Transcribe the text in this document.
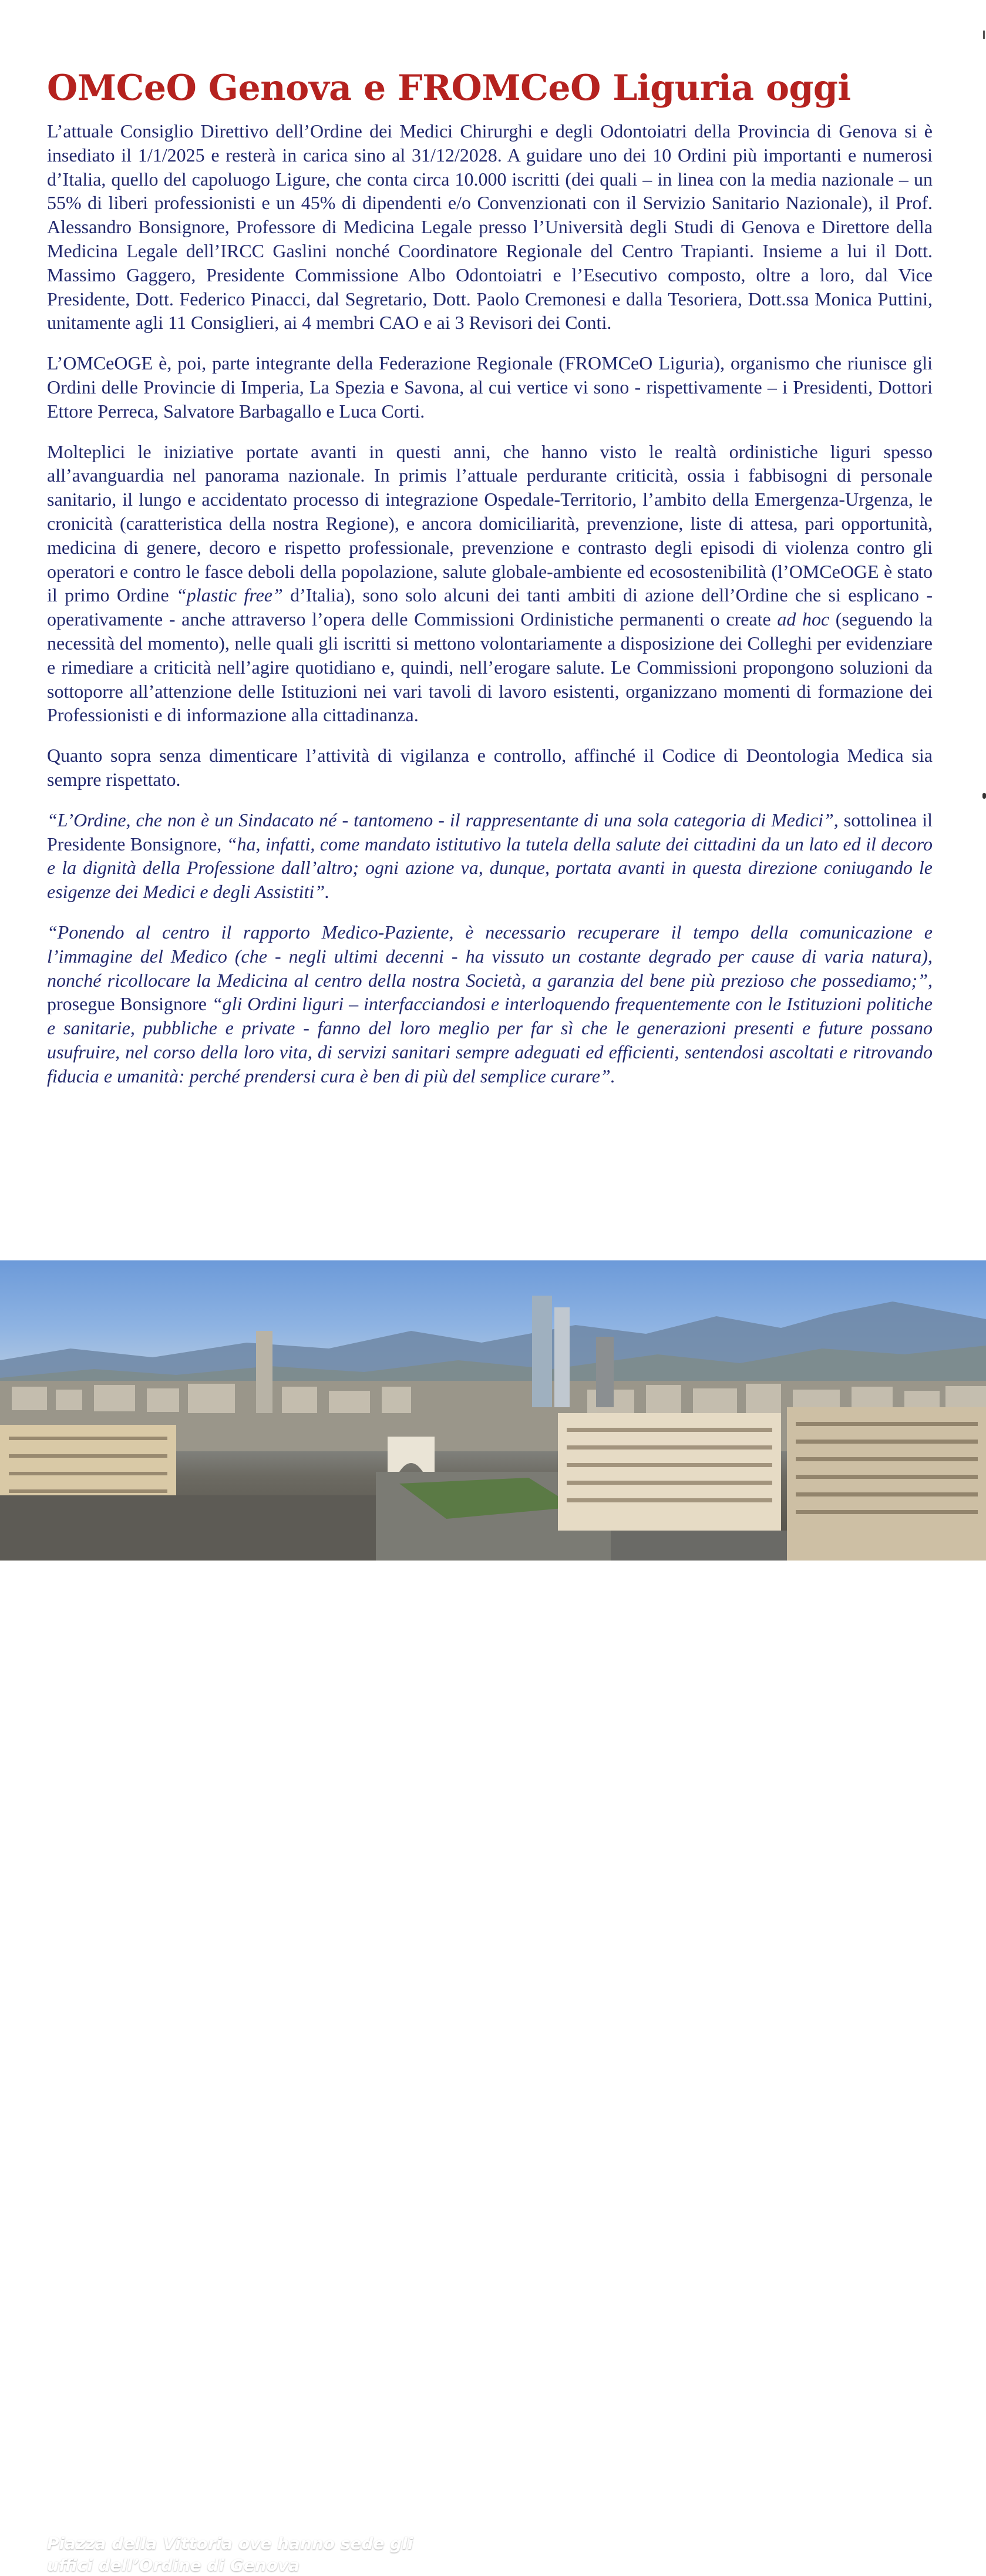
OMCeO Genova e FROMCeO Liguria oggi

L’attuale Consiglio Direttivo dell’Ordine dei Medici Chirurghi e degli Odontoiatri della Provincia di Genova si è insediato il 1/1/2025 e resterà in carica sino al 31/12/2028. A guidare uno dei 10 Ordini più importanti e numerosi d’Italia, quello del capoluogo Ligure, che conta circa 10.000 iscritti (dei quali – in linea con la media nazionale – un 55% di liberi professionisti e un 45% di dipendenti e/o Convenzionati con il Servizio Sanitario Nazionale), il Prof. Alessandro Bonsignore, Professore di Medicina Legale presso l’Università degli Studi di Genova e Direttore della Medicina Legale dell’IRCC Gaslini nonché Coordinatore Regionale del Centro Trapianti. Insieme a lui il Dott. Massimo Gaggero, Presidente Commissione Albo Odontoiatri e l’Esecutivo composto, oltre a loro, dal Vice Presidente, Dott. Federico Pinacci, dal Segretario, Dott. Paolo Cremonesi e dalla Tesoriera, Dott.ssa Monica Puttini, unitamente agli 11 Consiglieri, ai 4 membri CAO e ai 3 Revisori dei Conti.

L’OMCeOGE è, poi, parte integrante della Federazione Regionale (FROMCeO Liguria), organismo che riunisce gli Ordini delle Provincie di Imperia, La Spezia e Savona, al cui vertice vi sono - rispettivamente – i Presidenti, Dottori Ettore Perreca, Salvatore Barbagallo e Luca Corti.

Molteplici le iniziative portate avanti in questi anni, che hanno visto le realtà ordinistiche liguri spesso all’avanguardia nel panorama nazionale. In primis l’attuale perdurante criticità, ossia i fabbisogni di personale sanitario, il lungo e accidentato processo di integrazione Ospedale-Territorio, l’ambito della Emergenza-Urgenza, le cronicità (caratteristica della nostra Regione), e ancora domiciliarità, prevenzione, liste di attesa, pari opportunità, medicina di genere, decoro e rispetto professionale, prevenzione e contrasto degli episodi di violenza contro gli operatori e contro le fasce deboli della popolazione, salute globale-ambiente ed ecosostenibilità (l’OMCeOGE è stato il primo Ordine “plastic free” d’Italia), sono solo alcuni dei tanti ambiti di azione dell’Ordine che si esplicano -operativamente - anche attraverso l’opera delle Commissioni Ordinistiche permanenti o create ad hoc (seguendo la necessità del momento), nelle quali gli iscritti si mettono volontariamente a disposizione dei Colleghi per evidenziare e rimediare a criticità nell’agire quotidiano e, quindi, nell’erogare salute. Le Commissioni propongono soluzioni da sottoporre all’attenzione delle Istituzioni nei vari tavoli di lavoro esistenti, organizzano momenti di formazione dei Professionisti e di informazione alla cittadinanza.

Quanto sopra senza dimenticare l’attività di vigilanza e controllo, affinché il Codice di Deontologia Medica sia sempre rispettato.

“L’Ordine, che non è un Sindacato né - tantomeno - il rappresentante di una sola categoria di Medici”, sottolinea il Presidente Bonsignore, “ha, infatti, come mandato istitutivo la tutela della salute dei cittadini da un lato ed il decoro e la dignità della Professione dall’altro; ogni azione va, dunque, portata avanti in questa direzione coniugando le esigenze dei Medici e degli Assistiti”.

“Ponendo al centro il rapporto Medico-Paziente, è necessario recuperare il tempo della comunicazione e l’immagine del Medico (che - negli ultimi decenni - ha vissuto un costante degrado per cause di varia natura), nonché ricollocare la Medicina al centro della nostra Società, a garanzia del bene più prezioso che possediamo;”, prosegue Bonsignore “gli Ordini liguri – interfacciandosi e interloquendo frequentemente con le Istituzioni politiche e sanitarie, pubbliche e private - fanno del loro meglio per far sì che le generazioni presenti e future possano usufruire, nel corso della loro vita, di servizi sanitari sempre adeguati ed efficienti, sentendosi ascoltati e ritrovando fiducia e umanità: perché prendersi cura è ben di più del semplice curare”.

Piazza della Vittoria ove hanno sede gli
uffici dell’Ordine di Genova
